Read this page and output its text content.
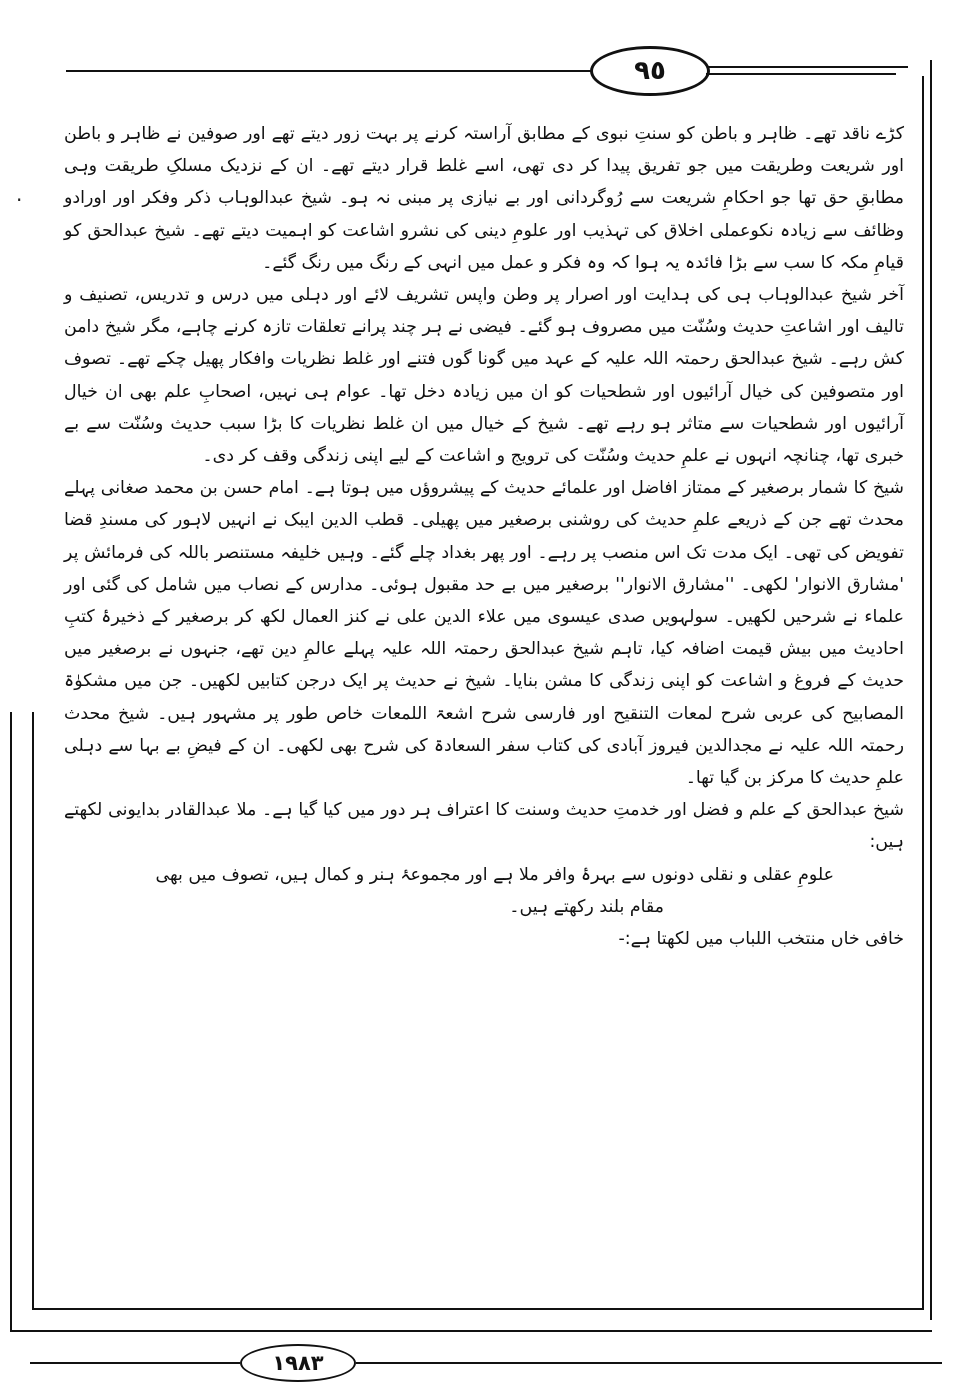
·
٩٥

کڑے ناقد تھے۔ ظاہر و باطن کو سنتِ نبوی کے مطابق آراستہ کرنے پر بہت زور دیتے تھے اور صوفین نے ظاہر و باطن اور شریعت وطریقت میں جو تفریق پیدا کر دی تھی، اسے غلط قرار دیتے تھے۔ ان کے نزدیک مسلکِ طریقت وہی مطابقِ حق تھا جو احکامِ شریعت سے رُوگردانی اور بے نیازی پر مبنی نہ ہو۔ شیخ عبدالوہاب ذکر وفکر اور اورادو وظائف سے زیادہ نکوعملی اخلاق کی تہذیب اور علومِ دینی کی نشرو اشاعت کو اہمیت دیتے تھے۔ شیخ عبدالحق کو قیامِ مکہ کا سب سے بڑا فائدہ یہ ہوا کہ وہ فکر و عمل میں انہی کے رنگ میں رنگ گئے۔

آخر شیخ عبدالوہاب ہی کی ہدایت اور اصرار پر وطن واپس تشریف لائے اور دہلی میں درس و تدریس، تصنیف و تالیف اور اشاعتِ حدیث وسُنّت میں مصروف ہو گئے۔ فیضی نے ہر چند پرانے تعلقات تازہ کرنے چاہے، مگر شیخ دامن کش رہے۔ شیخ عبدالحق رحمتہ اللہ علیہ کے عہد میں گونا گوں فتنے اور غلط نظریات وافکار پھیل چکے تھے۔ تصوف اور متصوفین کی خیال آرائیوں اور شطحیات کو ان میں زیادہ دخل تھا۔ عوام ہی نہیں، اصحابِ علم بھی ان خیال آرائیوں اور شطحیات سے متاثر ہو رہے تھے۔ شیخ کے خیال میں ان غلط نظریات کا بڑا سبب حدیث وسُنّت سے بے خبری تھا، چنانچہ انہوں نے علمِ حدیث وسُنّت کی ترویج و اشاعت کے لیے اپنی زندگی وقف کر دی۔

شیخ کا شمار برصغیر کے ممتاز افاضل اور علمائے حدیث کے پیشروؤں میں ہوتا ہے۔ امام حسن بن محمد صغانی پہلے محدث تھے جن کے ذریعے علمِ حدیث کی روشنی برصغیر میں پھیلی۔ قطب الدین ایبک نے انہیں لاہور کی مسندِ قضا تفویض کی تھی۔ ایک مدت تک اس منصب پر رہے۔ اور پھر بغداد چلے گئے۔ وہیں خلیفہ مستنصر باللہ کی فرمائش پر 'مشارق الانوار' لکھی۔ ''مشارق الانوار'' برصغیر میں بے حد مقبول ہوئی۔ مدارس کے نصاب میں شامل کی گئی اور علماء نے شرحیں لکھیں۔ سولہویں صدی عیسوی میں علاء الدین علی نے کنز العمال لکھ کر برصغیر کے ذخیرۂ کتبِ احادیث میں بیش قیمت اضافہ کیا، تاہم شیخ عبدالحق رحمتہ اللہ علیہ پہلے عالمِ دین تھے، جنہوں نے برصغیر میں حدیث کے فروغ و اشاعت کو اپنی زندگی کا مشن بنایا۔ شیخ نے حدیث پر ایک درجن کتابیں لکھیں۔ جن میں مشکوٰۃ المصابیح کی عربی شرح لمعات التنقیح اور فارسی شرح اشعۃ اللمعات خاص طور پر مشہور ہیں۔ شیخ محدث رحمتہ اللہ علیہ نے مجدالدین فیروز آبادی کی کتاب سفر السعادۃ کی شرح بھی لکھی۔ ان کے فیضِ بے بہا سے دہلی علمِ حدیث کا مرکز بن گیا تھا۔

شیخ عبدالحق کے علم و فضل اور خدمتِ حدیث وسنت کا اعتراف ہر دور میں کیا گیا ہے۔ ملا عبدالقادر بدایونی لکھتے ہیں:

علومِ عقلی و نقلی دونوں سے بہرۂ وافر ملا ہے اور مجموعۂ ہنر و کمال ہیں، تصوف میں بھی

مقام بلند رکھتے ہیں۔

خافی خاں منتخب اللباب میں لکھتا ہے:-

١٩٨٣
